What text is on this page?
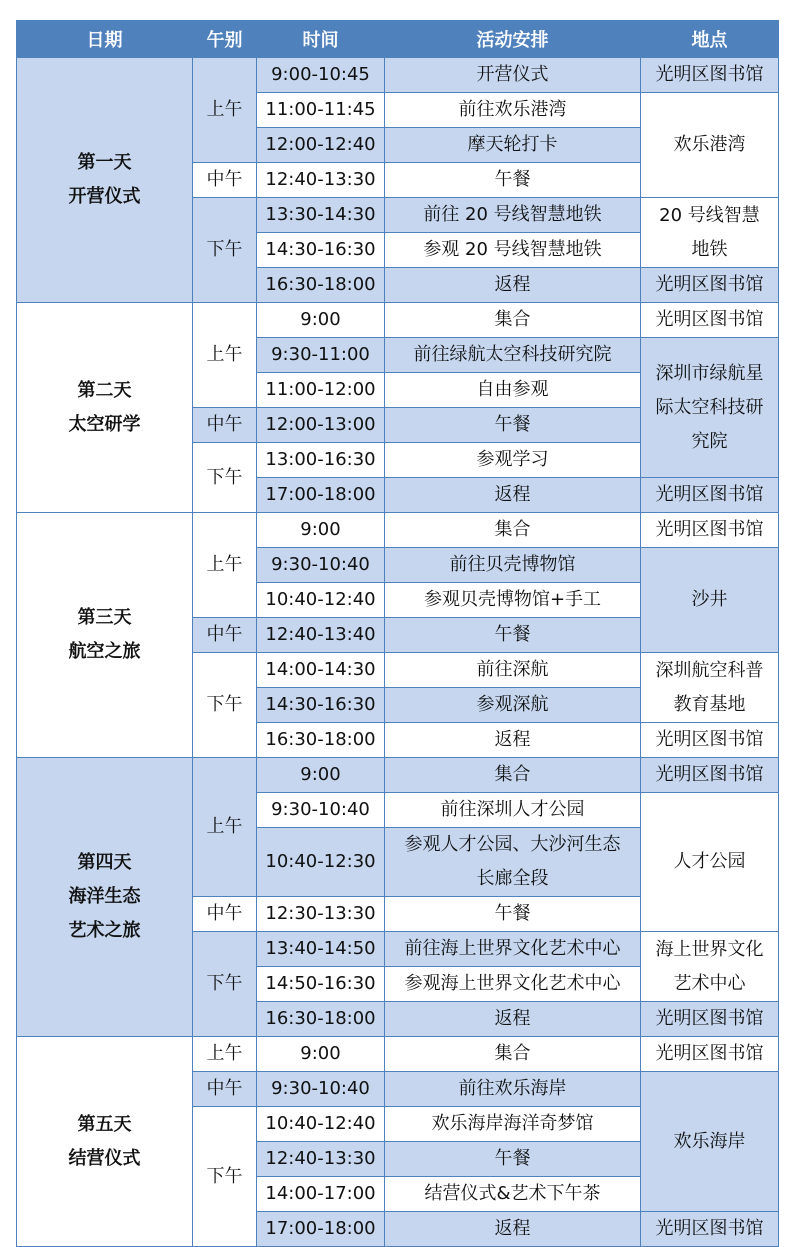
日期	午别	时间	活动安排	地点

第一天
开营仪式	上午	9:00-10:45	开营仪式	光明区图书馆
		11:00-11:45	前往欢乐港湾	欢乐港湾
		12:00-12:40	摩天轮打卡	
	中午	12:40-13:30	午餐	
	下午	13:30-14:30	前往 20 号线智慧地铁	20 号线智慧
地铁

		14:30-16:30	参观 20 号线智慧地铁	
		16:30-18:00	返程	光明区图书馆

第二天
太空研学	上午	9:00	集合	光明区图书馆
		9:30-11:00	前往绿航太空科技研究院	深圳市绿航星
际太空科技研
究院

		11:00-12:00	自由参观	
	中午	12:00-13:00	午餐	
	下午	13:00-16:30	参观学习	
		17:00-18:00	返程	光明区图书馆

第三天
航空之旅	上午	9:00	集合	光明区图书馆
		9:30-10:40	前往贝壳博物馆	沙井
		10:40-12:40	参观贝壳博物馆+手工	
	中午	12:40-13:40	午餐	
	下午	14:00-14:30	前往深航	深圳航空科普
教育基地

		14:30-16:30	参观深航	
		16:30-18:00	返程	光明区图书馆

第四天
海洋生态
艺术之旅	上午	9:00	集合	光明区图书馆
		9:30-10:40	前往深圳人才公园	人才公园
		10:40-12:30	参观人才公园、大沙河生态
长廊全段	

	中午	12:30-13:30	午餐	
	下午	13:40-14:50	前往海上世界文化艺术中心	海上世界文化
艺术中心

		14:50-16:30	参观海上世界文化艺术中心	
		16:30-18:00	返程	光明区图书馆

第五天
结营仪式	上午	9:00	集合	光明区图书馆
	中午	9:30-10:40	前往欢乐海岸	欢乐海岸
	下午	10:40-12:40	欢乐海岸海洋奇梦馆	
		12:40-13:30	午餐	
		14:00-17:00	结营仪式&艺术下午茶	
		17:00-18:00	返程	光明区图书馆
